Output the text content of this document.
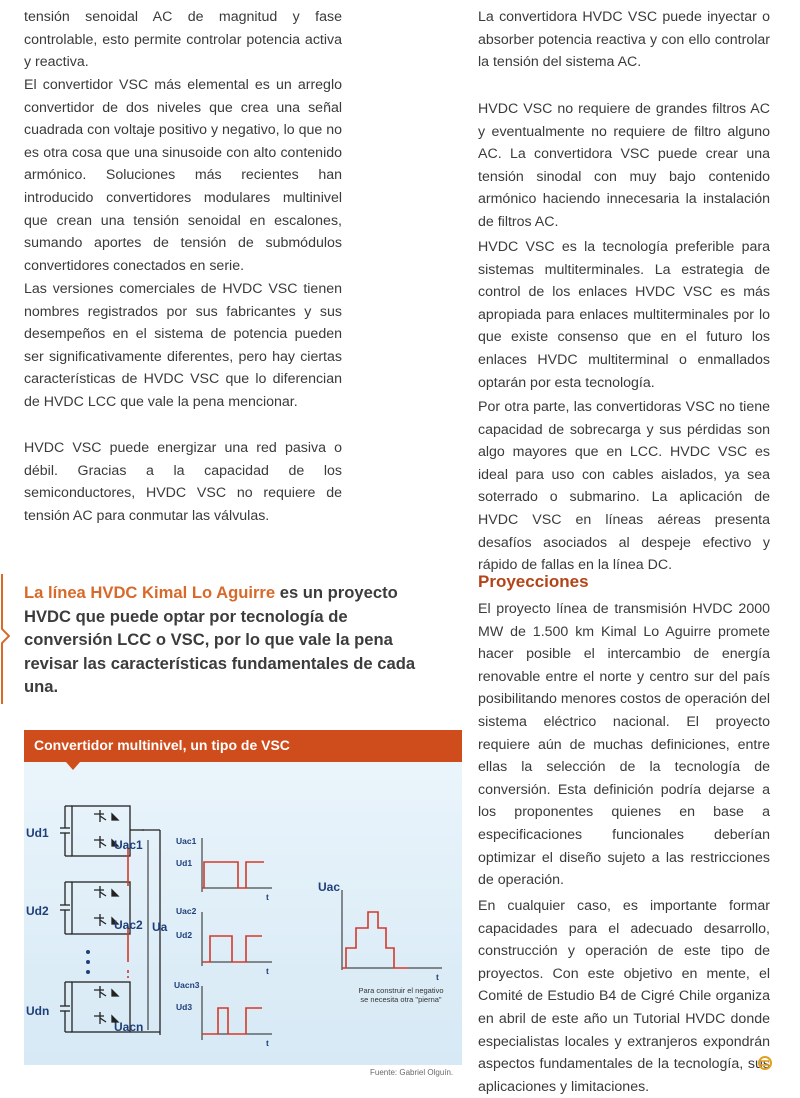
tensión senoidal AC de magnitud y fase controlable, esto permite controlar potencia activa y reactiva.

El convertidor VSC más elemental es un arreglo convertidor de dos niveles que crea una señal cuadrada con voltaje positivo y negativo, lo que no es otra cosa que una sinusoide con alto contenido armónico. Soluciones más recientes han introducido convertidores modulares multinivel que crean una tensión senoidal en escalones, sumando aportes de tensión de submódulos convertidores conectados en serie.

Las versiones comerciales de HVDC VSC tienen nombres registrados por sus fabricantes y sus desempeños en el sistema de potencia pueden ser significativamente diferentes, pero hay ciertas características de HVDC VSC que lo diferencian de HVDC LCC que vale la pena mencionar.

HVDC VSC puede energizar una red pasiva o débil. Gracias a la capacidad de los semiconductores, HVDC VSC no requiere de tensión AC para conmutar las válvulas.

La línea HVDC Kimal Lo Aguirre es un proyecto HVDC que puede optar por tecnología de conversión LCC o VSC, por lo que vale la pena revisar las características fundamentales de cada una.

Convertidor multinivel, un tipo de VSC

Ud1

Ud2

Udn

Uac1

Uac2

Uacn

Ua

Uac1

Ud1

Uac2

Ud2

Uacn3

Ud3

t

t

t

t

Uac

Para construir el negativo se necesita otra "pierna"

Fuente: Gabriel Olguín.

La convertidora HVDC VSC puede inyectar o absorber potencia reactiva y con ello controlar la tensión del sistema AC.

HVDC VSC no requiere de grandes filtros AC y eventualmente no requiere de filtro alguno AC. La convertidora VSC puede crear una tensión sinodal con muy bajo contenido armónico haciendo innecesaria la instalación de filtros AC.

HVDC VSC es la tecnología preferible para sistemas multiterminales. La estrategia de control de los enlaces HVDC VSC es más apropiada para enlaces multiterminales por lo que existe consenso que en el futuro los enlaces HVDC multiterminal o enmallados optarán por esta tecnología.

Por otra parte, las convertidoras VSC no tiene capacidad de sobrecarga y sus pérdidas son algo mayores que en LCC. HVDC VSC es ideal para uso con cables aislados, ya sea soterrado o submarino. La aplicación de HVDC VSC en líneas aéreas presenta desafíos asociados al despeje efectivo y rápido de fallas en la línea DC.

Proyecciones

El proyecto línea de transmisión HVDC 2000 MW de 1.500 km Kimal Lo Aguirre promete hacer posible el intercambio de energía renovable entre el norte y centro sur del país posibilitando menores costos de operación del sistema eléctrico nacional. El proyecto requiere aún de muchas definiciones, entre ellas la selección de la tecnología de conversión. Esta definición podría dejarse a los proponentes quienes en base a especificaciones funcionales deberían optimizar el diseño sujeto a las restricciones de operación.

En cualquier caso, es importante formar capacidades para el adecuado desarrollo, construcción y operación de este tipo de proyectos. Con este objetivo en mente, el Comité de Estudio B4 de Cigré Chile organiza en abril de este año un Tutorial HVDC donde especialistas locales y extranjeros expondrán aspectos fundamentales de la tecnología, sus aplicaciones y limitaciones.
